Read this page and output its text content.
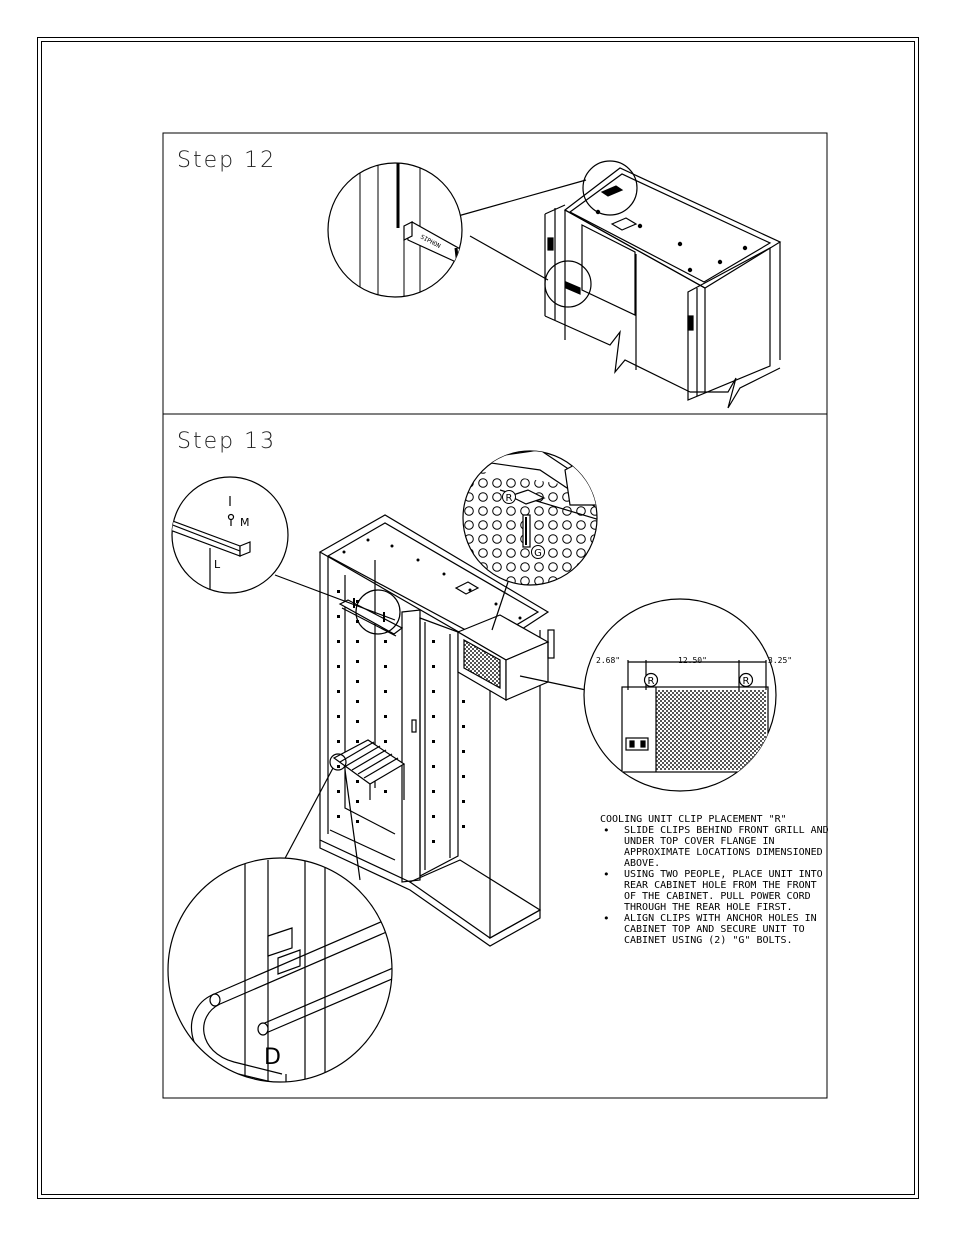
SIPHON
R
G
R	R
M
L
D
2.68"	12.50"	3.25"
Step 12
Step 13
COOLING UNIT CLIP PLACEMENT "R"
• SLIDE CLIPS BEHIND FRONT GRILL AND UNDER TOP COVER FLANGE IN APPROXIMATE LOCATIONS DIMENSIONED ABOVE.
• USING TWO PEOPLE, PLACE UNIT INTO REAR CABINET HOLE FROM THE FRONT OF THE CABINET. PULL POWER CORD THROUGH THE REAR HOLE FIRST.
• ALIGN CLIPS WITH ANCHOR HOLES IN CABINET TOP AND SECURE UNIT TO CABINET USING (2) "G" BOLTS.
